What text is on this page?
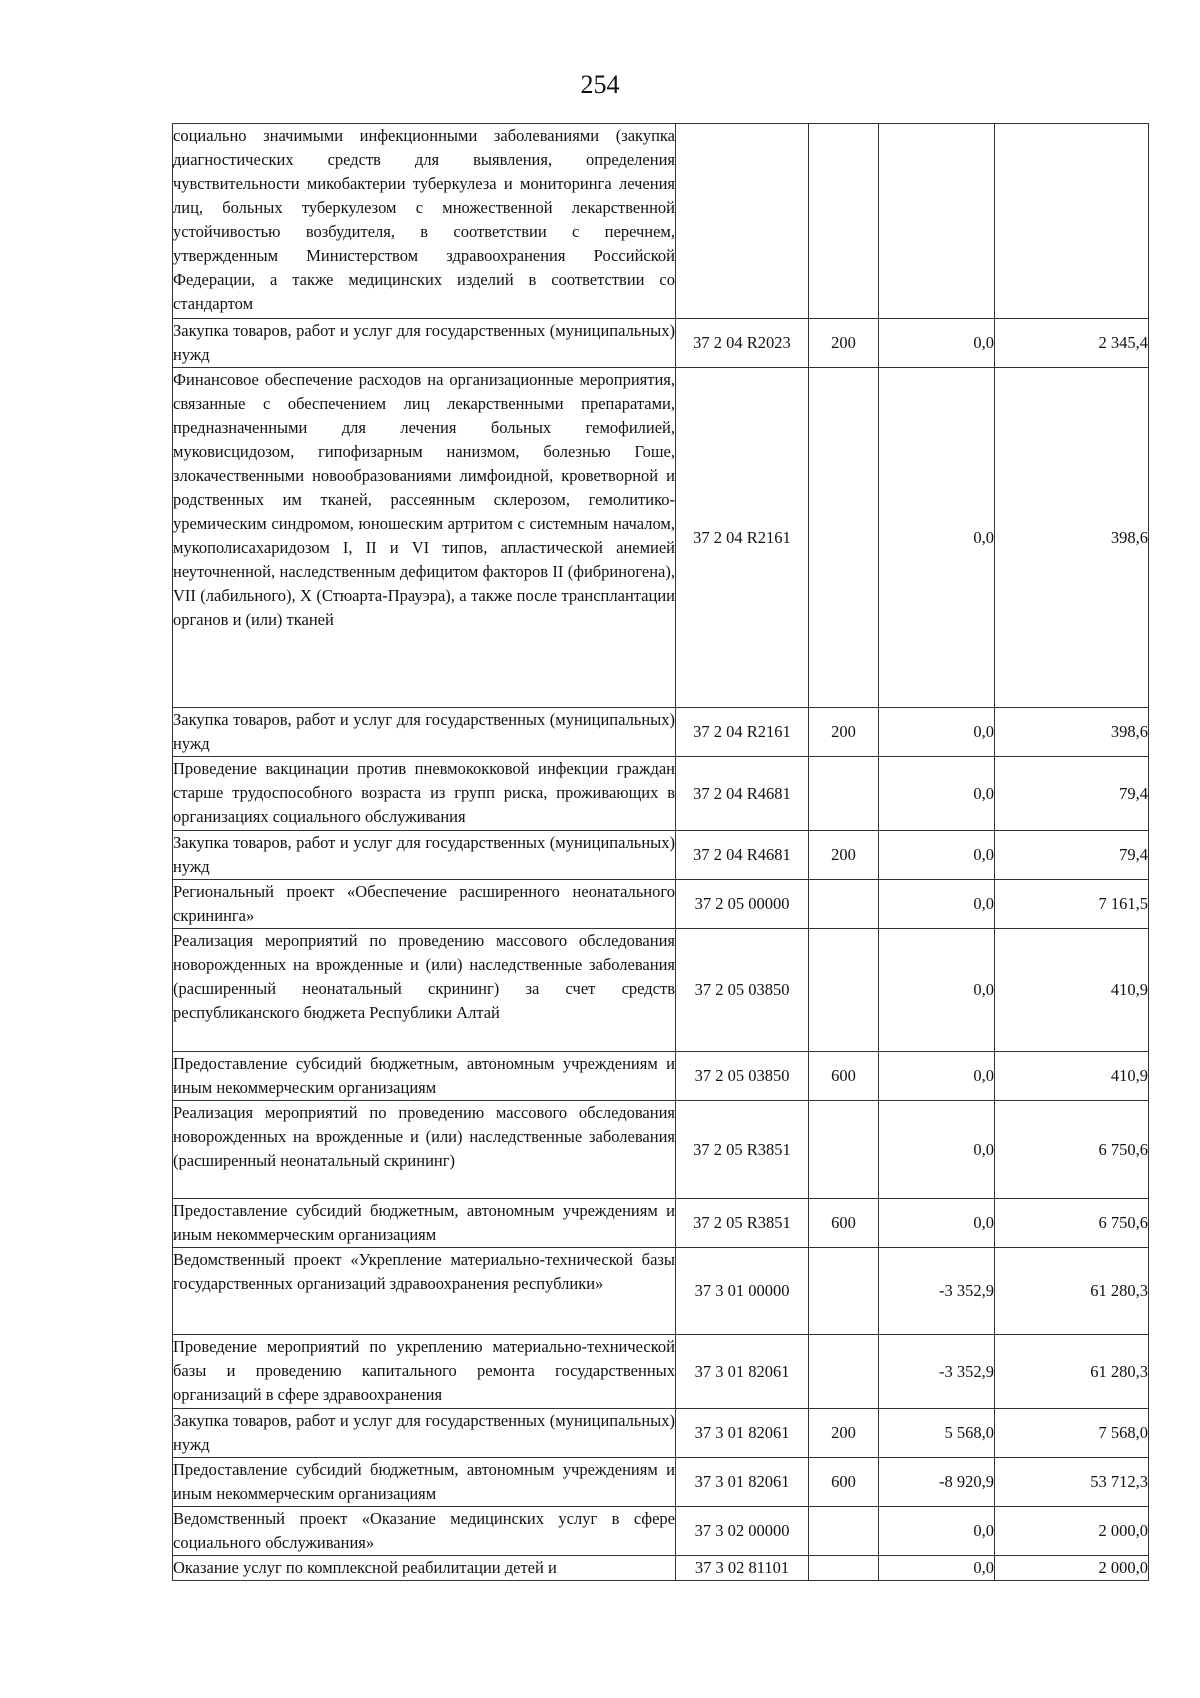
254
социально значимыми инфекционными заболеваниями (закупка диагностических средств для выявления, определения чувствительности микобактерии туберкулеза и мониторинга лечения лиц, больных туберкулезом с множественной лекарственной устойчивостью возбудителя, в соответствии с перечнем, утвержденным Министерством здравоохранения Российской Федерации, а также медицинских изделий в соответствии со стандартом				
Закупка товаров, работ и услуг для государственных (муниципальных) нужд	37 2 04 R2023	200	0,0	2 345,4
Финансовое обеспечение расходов на организационные мероприятия, связанные с обеспечением лиц лекарственными препаратами, предназначенными для лечения больных гемофилией, муковисцидозом, гипофизарным нанизмом, болезнью Гоше, злокачественными новообразованиями лимфоидной, кроветворной и родственных им тканей, рассеянным склерозом, гемолитико-уремическим синдромом, юношеским артритом с системным началом, мукополисахаридозом I, II и VI типов, апластической анемией неуточненной, наследственным дефицитом факторов II (фибриногена), VII (лабильного), X (Стюарта-Прауэра), а также после трансплантации органов и (или) тканей	37 2 04 R2161		0,0	398,6
Закупка товаров, работ и услуг для государственных (муниципальных) нужд	37 2 04 R2161	200	0,0	398,6
Проведение вакцинации против пневмококковой инфекции граждан старше трудоспособного возраста из групп риска, проживающих в организациях социального обслуживания	37 2 04 R4681		0,0	79,4
Закупка товаров, работ и услуг для государственных (муниципальных) нужд	37 2 04 R4681	200	0,0	79,4
Региональный проект «Обеспечение расширенного неонатального скрининга»	37 2 05 00000		0,0	7 161,5
Реализация мероприятий по проведению массового обследования новорожденных на врожденные и (или) наследственные заболевания (расширенный неонатальный скрининг) за счет средств республиканского бюджета Республики Алтай	37 2 05 03850		0,0	410,9
Предоставление субсидий бюджетным, автономным учреждениям и иным некоммерческим организациям	37 2 05 03850	600	0,0	410,9
Реализация мероприятий по проведению массового обследования новорожденных на врожденные и (или) наследственные заболевания (расширенный неонатальный скрининг)	37 2 05 R3851		0,0	6 750,6
Предоставление субсидий бюджетным, автономным учреждениям и иным некоммерческим организациям	37 2 05 R3851	600	0,0	6 750,6
Ведомственный проект «Укрепление материально-технической базы государственных организаций здравоохранения республики»	37 3 01 00000		-3 352,9	61 280,3
Проведение мероприятий по укреплению материально-технической базы и проведению капитального ремонта государственных организаций в сфере здравоохранения	37 3 01 82061		-3 352,9	61 280,3
Закупка товаров, работ и услуг для государственных (муниципальных) нужд	37 3 01 82061	200	5 568,0	7 568,0
Предоставление субсидий бюджетным, автономным учреждениям и иным некоммерческим организациям	37 3 01 82061	600	-8 920,9	53 712,3
Ведомственный проект «Оказание медицинских услуг в сфере социального обслуживания»	37 3 02 00000		0,0	2 000,0
Оказание услуг по комплексной реабилитации детей и	37 3 02 81101		0,0	2 000,0
